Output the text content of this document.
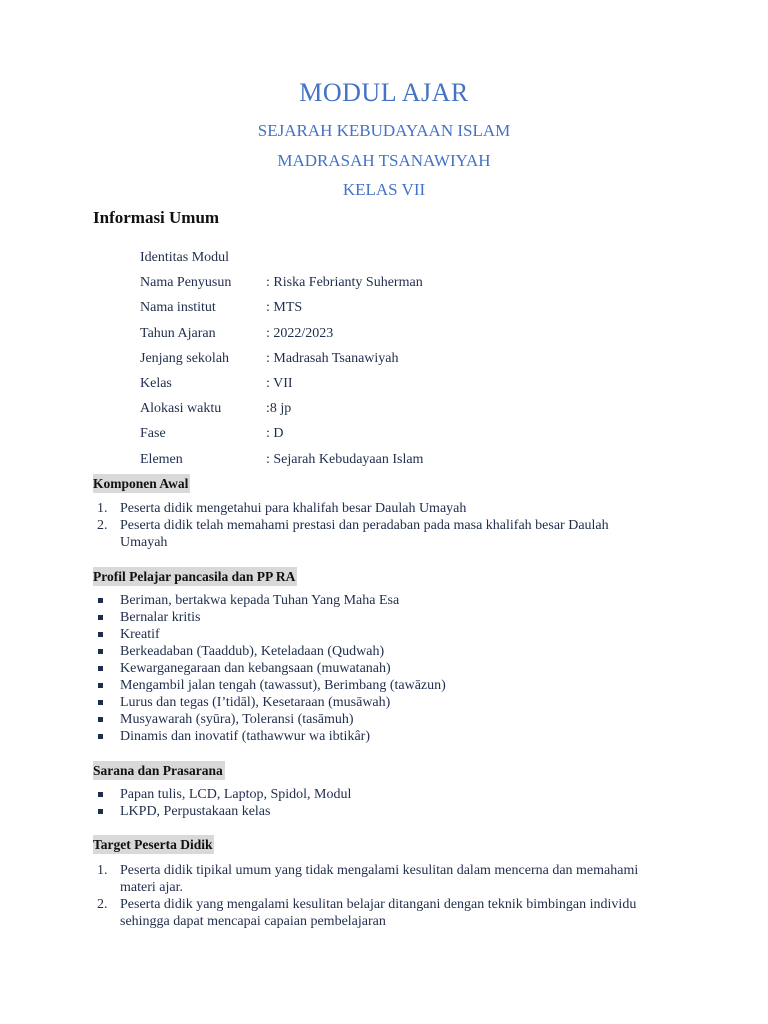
MODUL AJAR
SEJARAH KEBUDAYAAN ISLAM
MADRASAH TSANAWIYAH
KELAS VII
Informasi Umum
Identitas Modul
Nama Penyusun : Riska Febrianty Suherman
Nama institut	: MTS
Tahun Ajaran	: 2022/2023
Jenjang sekolah	: Madrasah Tsanawiyah
Kelas	: VII
Alokasi waktu	:8 jp
Fase	: D
Elemen	: Sejarah Kebudayaan Islam
Komponen Awal
1. Peserta didik mengetahui para khalifah besar Daulah Umayah
2. Peserta didik telah memahami prestasi dan peradaban pada masa khalifah besar Daulah Umayah
Profil Pelajar pancasila dan PP RA
Beriman, bertakwa kepada Tuhan Yang Maha Esa
Bernalar kritis
Kreatif
Berkeadaban (Taaddub), Keteladaan (Qudwah)
Kewarganegaraan dan kebangsaan (muwatanah)
Mengambil jalan tengah (tawassut), Berimbang (tawāzun)
Lurus dan tegas (I’tidāl), Kesetaraan (musāwah)
Musyawarah (syūra), Toleransi (tasāmuh)
Dinamis dan inovatif (tathawwur wa ibtikâr)
Sarana dan Prasarana
Papan tulis, LCD, Laptop, Spidol, Modul
LKPD, Perpustakaan kelas
Target Peserta Didik
1. Peserta didik tipikal umum yang tidak mengalami kesulitan dalam mencerna dan memahami materi ajar.
2. Peserta didik yang mengalami kesulitan belajar ditangani dengan teknik bimbingan individu sehingga dapat mencapai capaian pembelajaran
